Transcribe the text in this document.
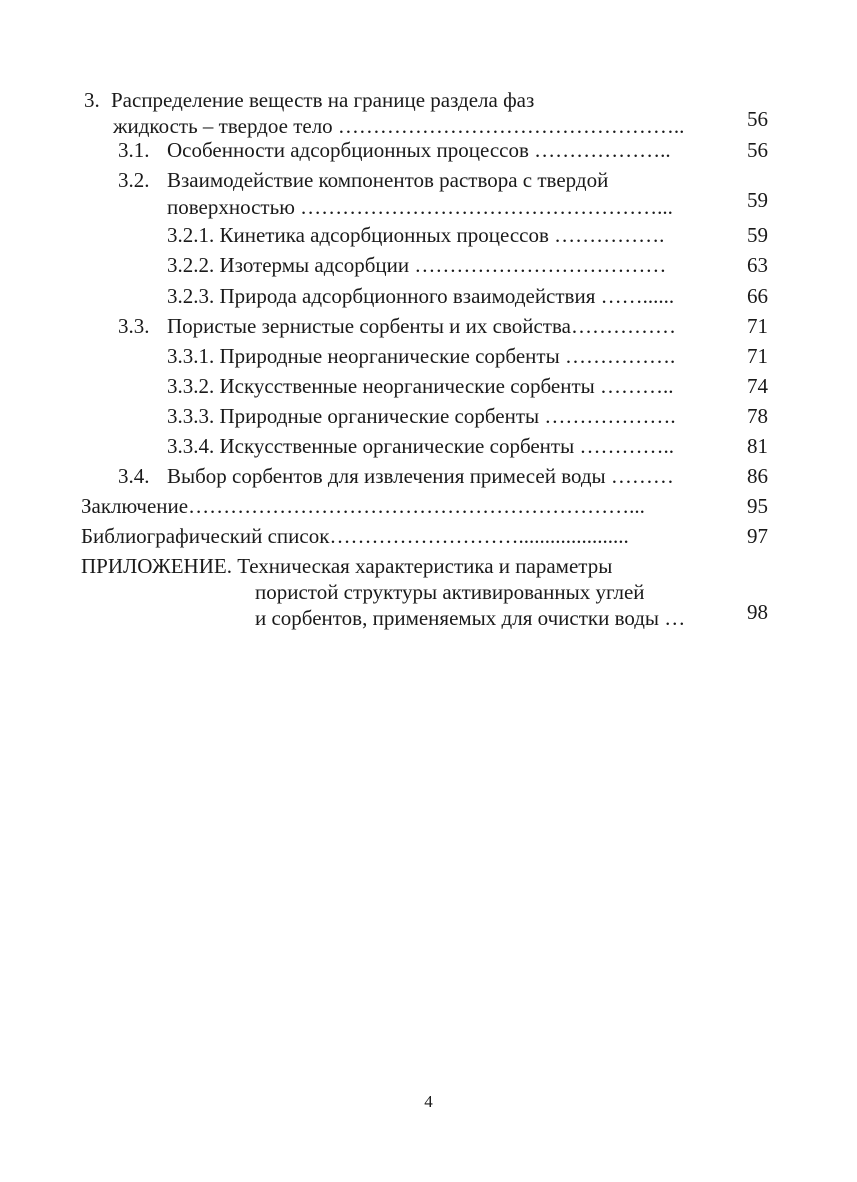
3. Распределение веществ на границе раздела фаз
жидкость – твердое тело …………………………………………..	56
3.1. Особенности адсорбционных процессов ………………..	56
3.2. Взаимодействие компонентов раствора с твердой
поверхностью ……………………………………………...	59
3.2.1. Кинетика адсорбционных процессов …………….	59
3.2.2. Изотермы адсорбции ………………………………	63
3.2.3. Природа адсорбционного взаимодействия ……......	66
3.3. Пористые зернистые сорбенты и их свойства……………	71
3.3.1. Природные неорганические сорбенты …………….	71
3.3.2. Искусственные неорганические сорбенты ………..	74
3.3.3. Природные органические сорбенты ……………….	78
3.3.4. Искусственные органические сорбенты …………..	81
3.4. Выбор сорбентов для извлечения примесей воды ………	86
Заключение………………………………………………………...	95
Библиографический список……………………….....................	97
ПРИЛОЖЕНИЕ. Техническая характеристика и параметры
пористой структуры активированных углей
и сорбентов, применяемых для очистки воды …	98
4
